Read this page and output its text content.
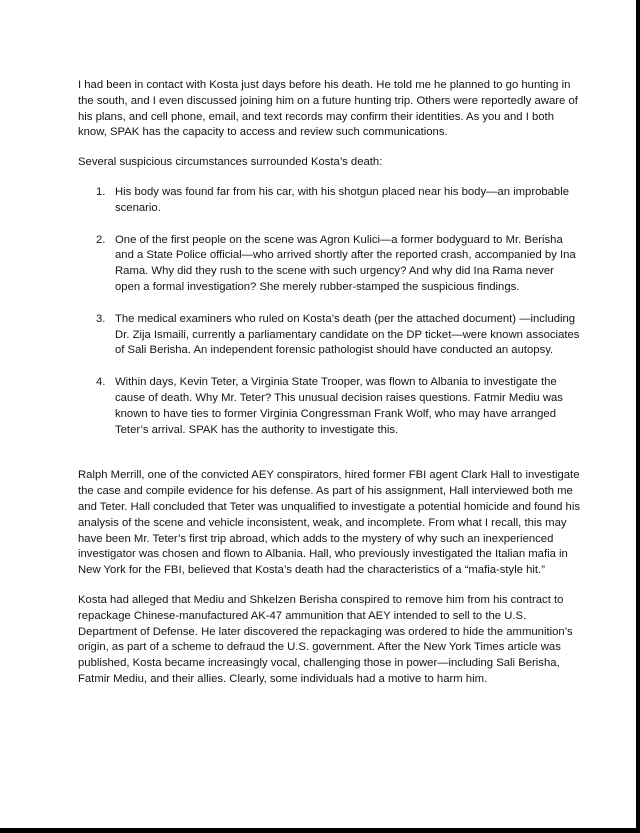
I had been in contact with Kosta just days before his death. He told me he planned to go hunting in the south, and I even discussed joining him on a future hunting trip. Others were reportedly aware of his plans, and cell phone, email, and text records may confirm their identities. As you and I both know, SPAK has the capacity to access and review such communications.

Several suspicious circumstances surrounded Kosta’s death:

1. His body was found far from his car, with his shotgun placed near his body—an improbable scenario.
2. One of the first people on the scene was Agron Kulici—a former bodyguard to Mr. Berisha and a State Police official—who arrived shortly after the reported crash, accompanied by Ina Rama. Why did they rush to the scene with such urgency? And why did Ina Rama never open a formal investigation? She merely rubber-stamped the suspicious findings.
3. The medical examiners who ruled on Kosta’s death (per the attached document) —including Dr. Zija Ismaili, currently a parliamentary candidate on the DP ticket—were known associates of Sali Berisha. An independent forensic pathologist should have conducted an autopsy.
4. Within days, Kevin Teter, a Virginia State Trooper, was flown to Albania to investigate the cause of death. Why Mr. Teter? This unusual decision raises questions. Fatmir Mediu was known to have ties to former Virginia Congressman Frank Wolf, who may have arranged Teter’s arrival. SPAK has the authority to investigate this.

Ralph Merrill, one of the convicted AEY conspirators, hired former FBI agent Clark Hall to investigate the case and compile evidence for his defense. As part of his assignment, Hall interviewed both me and Teter. Hall concluded that Teter was unqualified to investigate a potential homicide and found his analysis of the scene and vehicle inconsistent, weak, and incomplete. From what I recall, this may have been Mr. Teter’s first trip abroad, which adds to the mystery of why such an inexperienced investigator was chosen and flown to Albania. Hall, who previously investigated the Italian mafia in New York for the FBI, believed that Kosta’s death had the characteristics of a “mafia-style hit.”

Kosta had alleged that Mediu and Shkelzen Berisha conspired to remove him from his contract to repackage Chinese-manufactured AK-47 ammunition that AEY intended to sell to the U.S. Department of Defense. He later discovered the repackaging was ordered to hide the ammunition’s origin, as part of a scheme to defraud the U.S. government. After the New York Times article was published, Kosta became increasingly vocal, challenging those in power—including Sali Berisha, Fatmir Mediu, and their allies. Clearly, some individuals had a motive to harm him.
